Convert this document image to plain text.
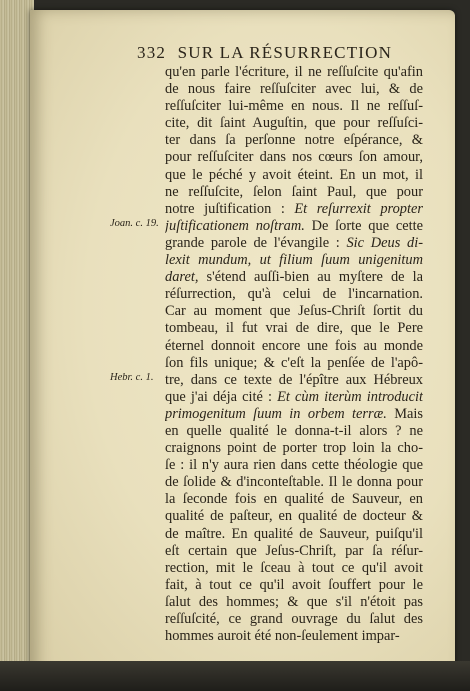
332 SUR LA RÉSURRECTION
Joan. c. 19.
Hebr. c. 1.
qu'en parle l'écriture, il ne reſſuſcite qu'afin
de nous faire reſſuſciter avec lui, & de
reſſuſciter lui-même en nous. Il ne reſſuſ-
cite, dit ſaint Auguſtin, que pour reſſuſci-
ter dans ſa perſonne notre eſpérance, &
pour reſſuſciter dans nos cœurs ſon amour,
que le péché y avoit éteint. En un mot, il
ne reſſuſcite, ſelon ſaint Paul, que pour
notre juſtification : Et reſurrexit propter
juſtificationem noſtram. De ſorte que cette
grande parole de l'évangile : Sic Deus di-
lexit mundum, ut filium ſuum unigenitum
daret, s'étend auſſi-bien au myſtere de la
réſurrection, qu'à celui de l'incarnation.
Car au moment que Jeſus-Chriſt ſortit du
tombeau, il fut vrai de dire, que le Pere
éternel donnoit encore une fois au monde
ſon fils unique; & c'eſt la penſée de l'apô-
tre, dans ce texte de l'épître aux Hébreux
que j'ai déja cité : Et cùm iterùm introducit
primogenitum ſuum in orbem terræ. Mais
en quelle qualité le donna-t-il alors ? ne
craignons point de porter trop loin la cho-
ſe : il n'y aura rien dans cette théologie que
de ſolide & d'inconteſtable. Il le donna pour
la ſeconde fois en qualité de Sauveur, en
qualité de paſteur, en qualité de docteur &
de maître. En qualité de Sauveur, puiſqu'il
eſt certain que Jeſus-Chriſt, par ſa réſur-
rection, mit le ſceau à tout ce qu'il avoit
fait, à tout ce qu'il avoit ſouffert pour le
ſalut des hommes; & que s'il n'étoit pas
reſſuſcité, ce grand ouvrage du ſalut des
hommes auroit été non-ſeulement impar-
